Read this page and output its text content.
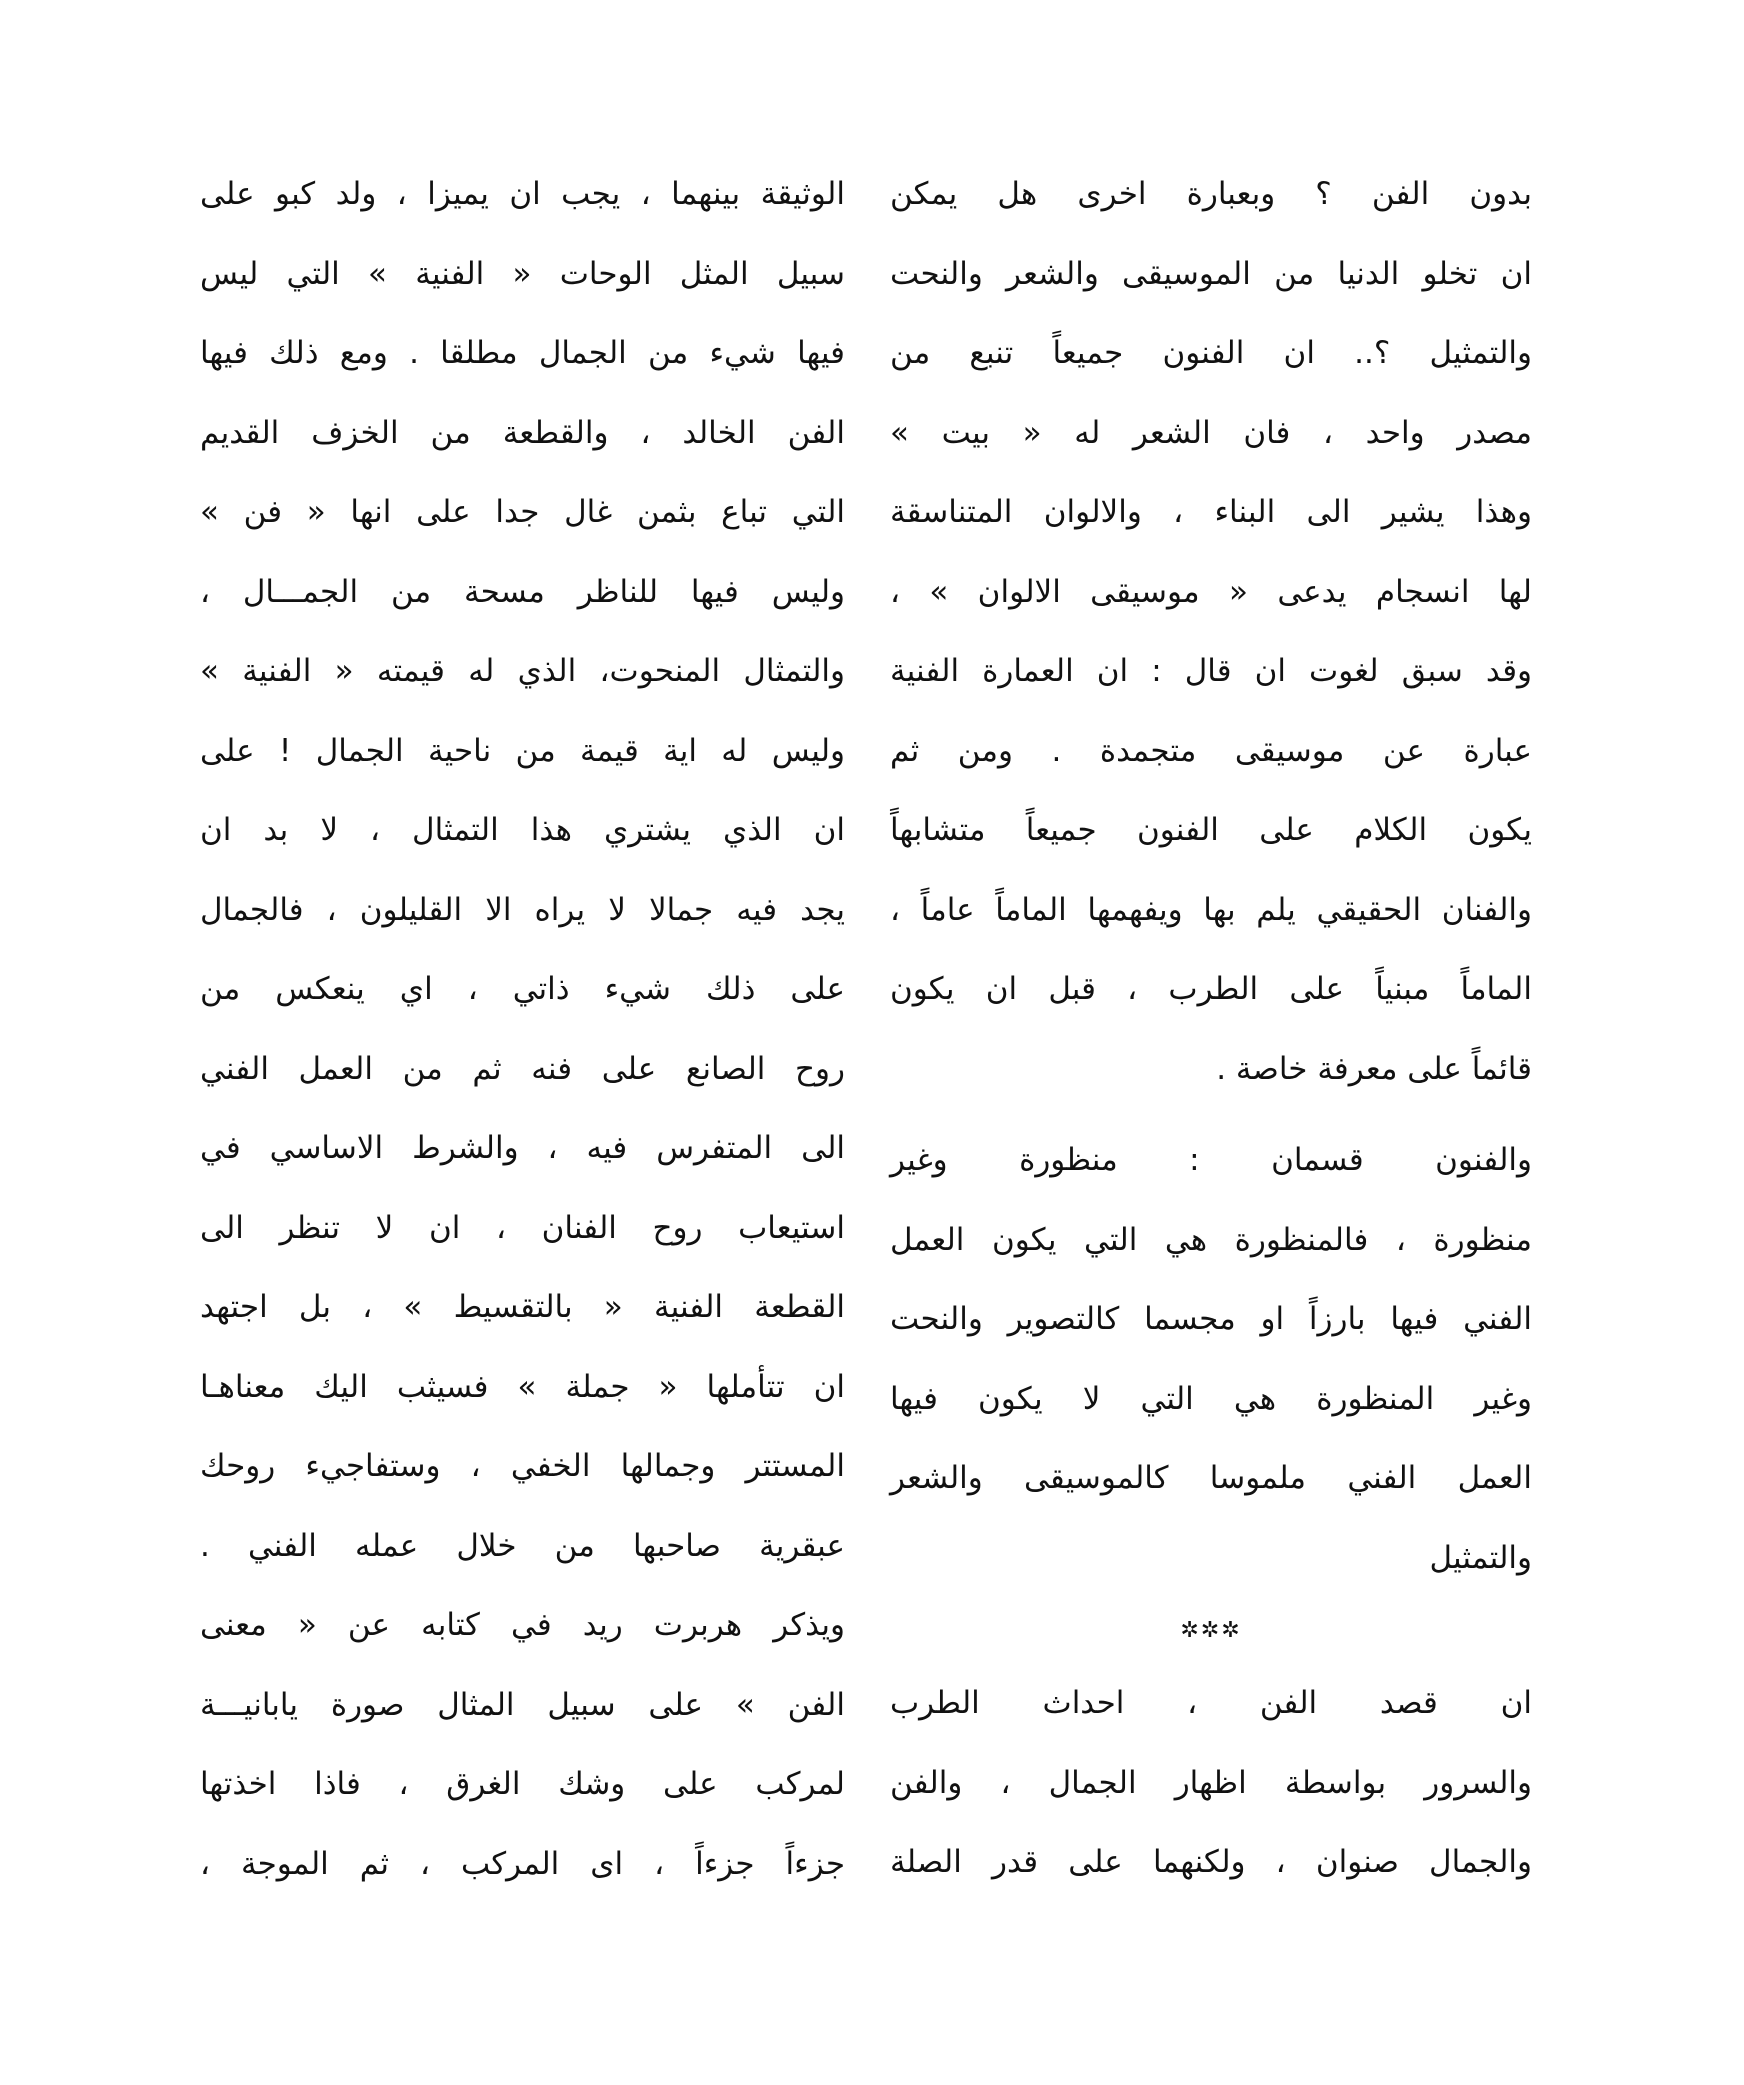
بدون الفن ؟ وبعبارة اخرى هل يمكن
ان تخلو الدنيا من الموسيقى والشعر والنحت
والتمثيل ؟.. ان الفنون جميعاً تنبع من
مصدر واحد ، فان الشعر له « بيت »
وهذا يشير الى البناء ، والالوان المتناسقة
لها انسجام يدعى « موسيقى الالوان » ،
وقد سبق لغوت ان قال : ان العمارة الفنية
عبارة عن موسيقى متجمدة . ومن ثم
يكون الكلام على الفنون جميعاً متشابهاً
والفنان الحقيقي يلم بها ويفهمها الماماً عاماً ،
الماماً مبنياً على الطرب ، قبل ان يكون
قائماً على معرفة خاصة .
والفنون قسمان : منظورة وغير
منظورة ، فالمنظورة هي التي يكون العمل
الفني فيها بارزاً او مجسما كالتصوير والنحت
وغير المنظورة هي التي لا يكون فيها
العمل الفني ملموسا كالموسيقى والشعر
والتمثيل
✲✲✲
ان قصد الفن ، احداث الطرب
والسرور بواسطة اظهار الجمال ، والفن
والجمال صنوان ، ولكنهما على قدر الصلة
الوثيقة بينهما ، يجب ان يميزا ، ولد كبو على
سبيل المثل الوحات « الفنية » التي ليس
فيها شيء من الجمال مطلقا . ومع ذلك فيها
الفن الخالد ، والقطعة من الخزف القديم
التي تباع بثمن غال جدا على انها « فن »
وليس فيها للناظر مسحة من الجمـــال ،
والتمثال المنحوت، الذي له قيمته « الفنية »
وليس له اية قيمة من ناحية الجمال ! على
ان الذي يشتري هذا التمثال ، لا بد ان
يجد فيه جمالا لا يراه الا القليلون ، فالجمال
على ذلك شيء ذاتي ، اي ينعكس من
روح الصانع على فنه ثم من العمل الفني
الى المتفرس فيه ، والشرط الاساسي في
استيعاب روح الفنان ، ان لا تنظر الى
القطعة الفنية « بالتقسيط » ، بل اجتهد
ان تتأملها « جملة » فسيثب اليك معناهـا
المستتر وجمالها الخفي ، وستفاجيء روحك
عبقرية صاحبها من خلال عمله الفني .
ويذكر هربرت ريد في كتابه عن « معنى
الفن » على سبيل المثال صورة يابانيـــة
لمركب على وشك الغرق ، فاذا اخذتها
جزءاً جزءاً ، اى المركب ، ثم الموجة ،
